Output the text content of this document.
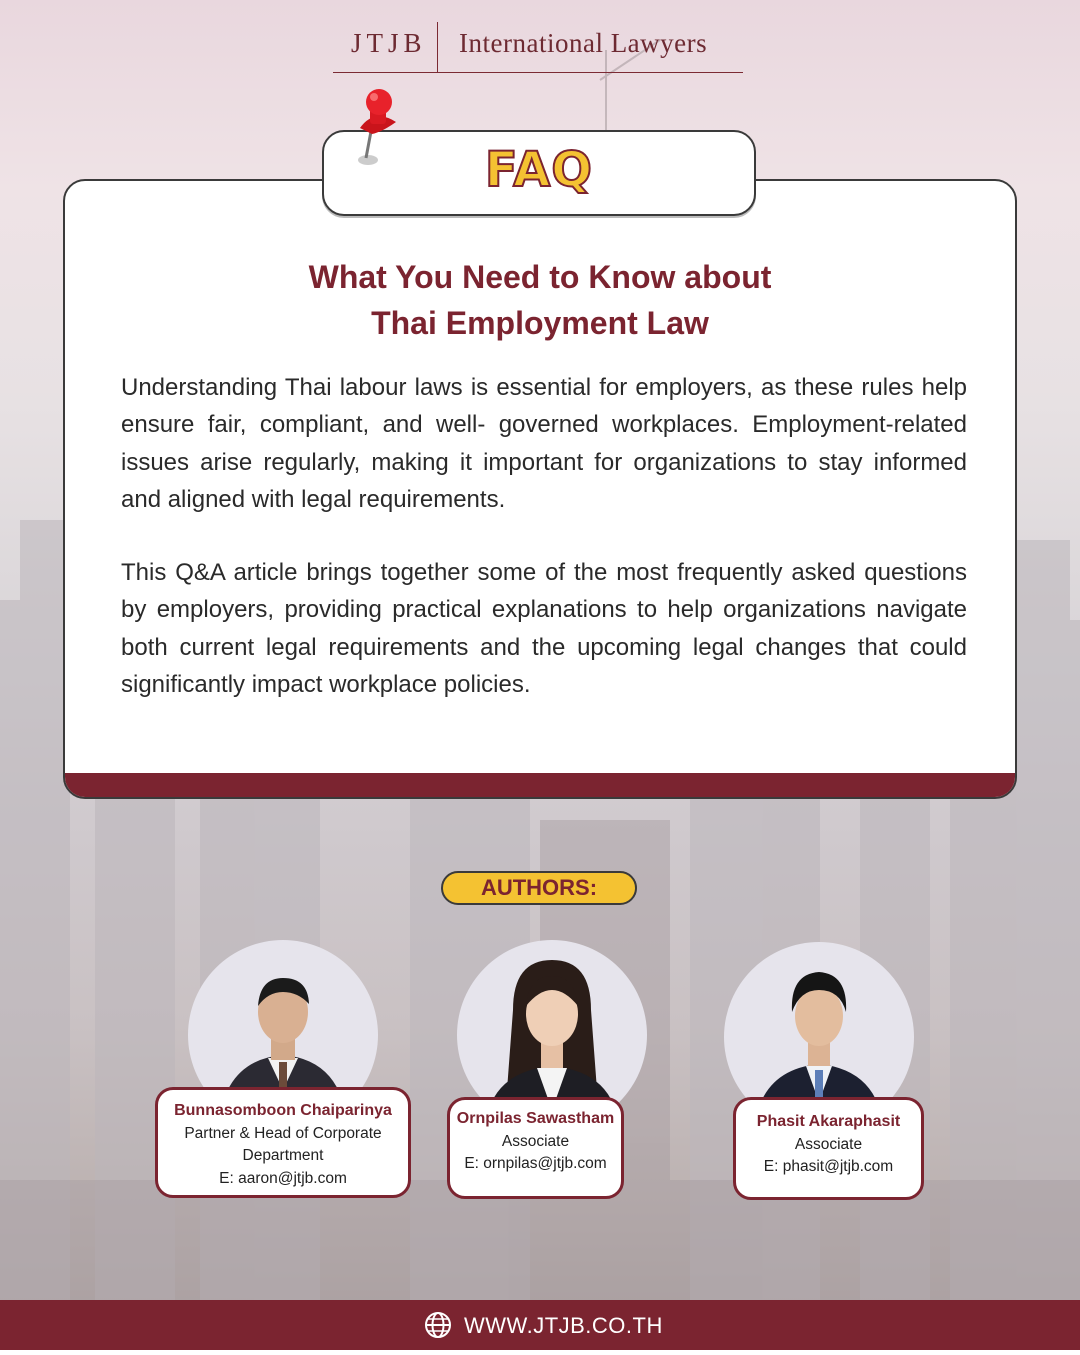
JTJB International Lawyers
FAQ
What You Need to Know about
Thai Employment Law
Understanding Thai labour laws is essential for employers, as these rules help ensure fair, compliant, and well- governed workplaces. Employment-related issues arise regularly, making it important for organizations to stay informed and aligned with legal requirements.
This Q&A article brings together some of the most frequently asked questions by employers, providing practical explanations to help organizations navigate both current legal requirements and the upcoming legal changes that could significantly impact workplace policies.
AUTHORS:
Bunnasomboon Chaiparinya
Partner & Head of Corporate
Department
E: aaron@jtjb.com
Ornpilas Sawastham
Associate
E: ornpilas@jtjb.com
Phasit Akaraphasit
Associate
E: phasit@jtjb.com
WWW.JTJB.CO.TH
